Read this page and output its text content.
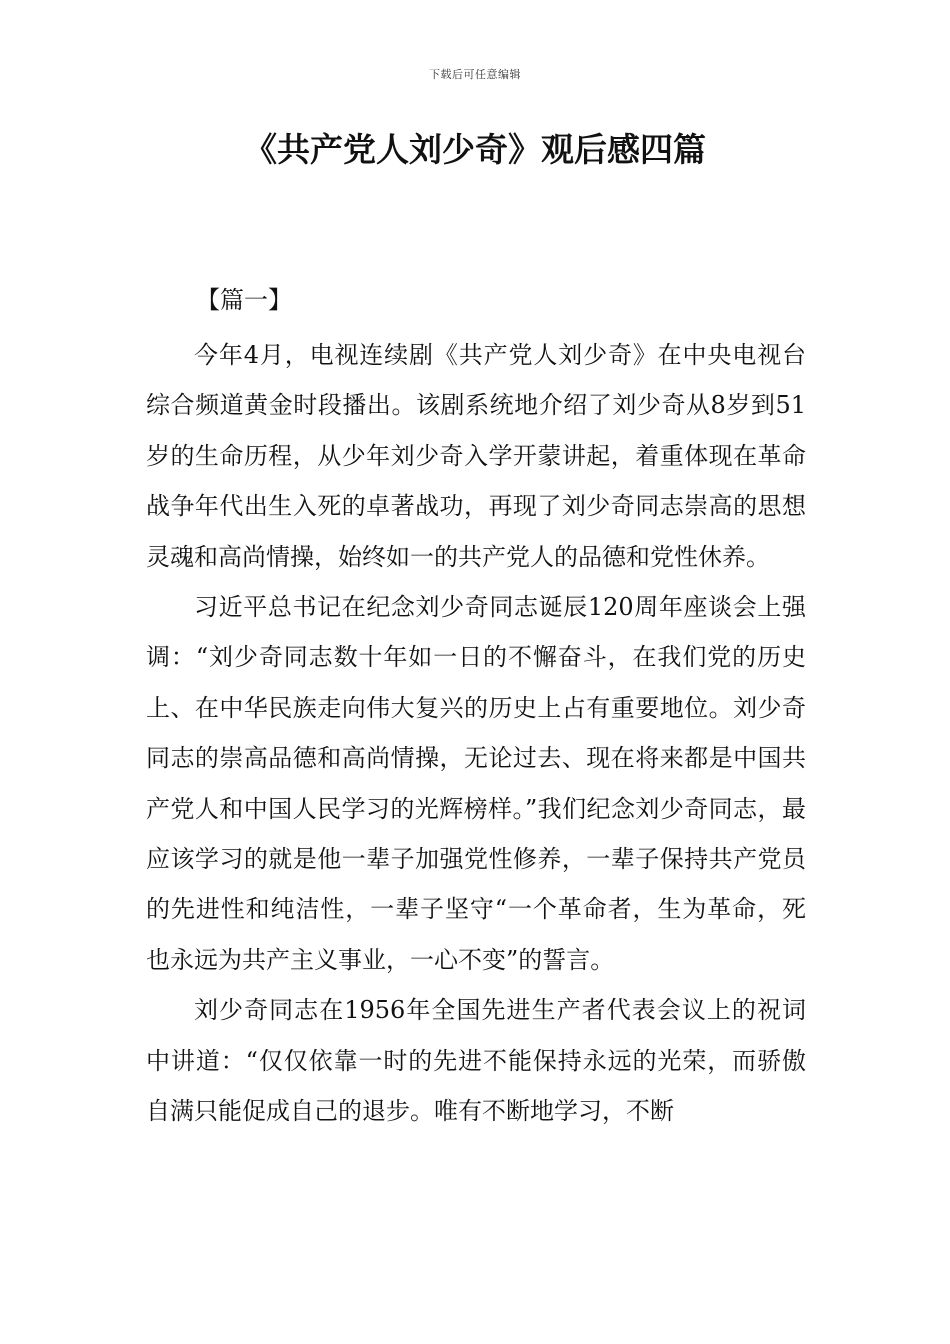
下载后可任意编辑
《共产党人刘少奇》观后感四篇
【篇一】

今年4月，电视连续剧《共产党人刘少奇》在中央电视台综合频道黄金时段播出。该剧系统地介绍了刘少奇从8岁到51岁的生命历程，从少年刘少奇入学开蒙讲起，着重体现在革命战争年代出生入死的卓著战功，再现了刘少奇同志崇高的思想灵魂和高尚情操，始终如一的共产党人的品德和党性休养。

习近平总书记在纪念刘少奇同志诞辰120周年座谈会上强调：“刘少奇同志数十年如一日的不懈奋斗，在我们党的历史上、在中华民族走向伟大复兴的历史上占有重要地位。刘少奇同志的崇高品德和高尚情操，无论过去、现在将来都是中国共产党人和中国人民学习的光辉榜样。”我们纪念刘少奇同志，最应该学习的就是他一辈子加强党性修养，一辈子保持共产党员的先进性和纯洁性，一辈子坚守“一个革命者，生为革命，死也永远为共产主义事业，一心不变”的誓言。

刘少奇同志在1956年全国先进生产者代表会议上的祝词中讲道：“仅仅依靠一时的先进不能保持永远的光荣，而骄傲自满只能促成自己的退步。唯有不断地学习，不断
